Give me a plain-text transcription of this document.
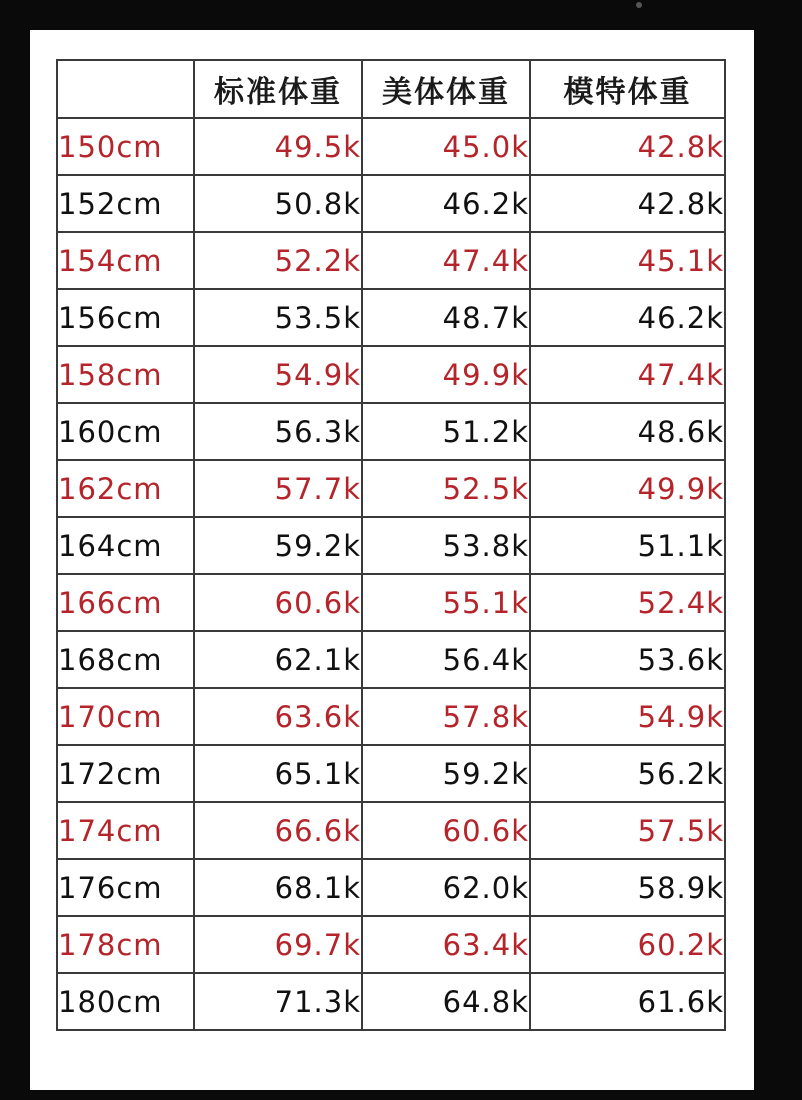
	标准体重	美体体重	模特体重
150cm	49.5k	45.0k	42.8k
152cm	50.8k	46.2k	42.8k
154cm	52.2k	47.4k	45.1k
156cm	53.5k	48.7k	46.2k
158cm	54.9k	49.9k	47.4k
160cm	56.3k	51.2k	48.6k
162cm	57.7k	52.5k	49.9k
164cm	59.2k	53.8k	51.1k
166cm	60.6k	55.1k	52.4k
168cm	62.1k	56.4k	53.6k
170cm	63.6k	57.8k	54.9k
172cm	65.1k	59.2k	56.2k
174cm	66.6k	60.6k	57.5k
176cm	68.1k	62.0k	58.9k
178cm	69.7k	63.4k	60.2k
180cm	71.3k	64.8k	61.6k
